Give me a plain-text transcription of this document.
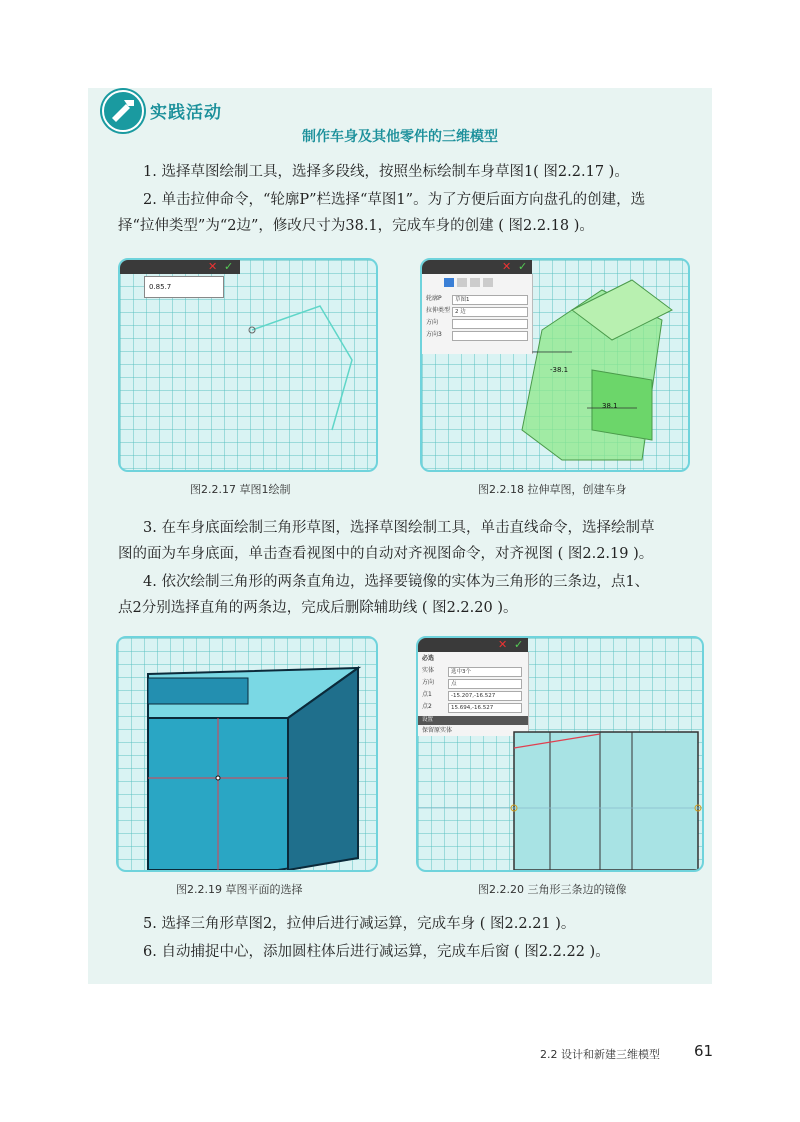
实践活动
制作车身及其他零件的三维模型
1. 选择草图绘制工具，选择多段线，按照坐标绘制车身草图1( 图2.2.17 )。
2. 单击拉伸命令，“轮廓P”栏选择“草图1”。为了方便后面方向盘孔的创建，选
择“拉伸类型”为“2边”，修改尺寸为38.1，完成车身的创建 ( 图2.2.18 )。
✕ ✓
0.85.7
图2.2.17 草图1绘制
✕ ✓
轮廓P	草图1
拉伸类型 2 边
方向
方向3
-38.1
38.1
图2.2.18 拉伸草图，创建车身
3. 在车身底面绘制三角形草图，选择草图绘制工具，单击直线命令，选择绘制草
图的面为车身底面，单击查看视图中的自动对齐视图命令，对齐视图 ( 图2.2.19 )。
4. 依次绘制三角形的两条直角边，选择要镜像的实体为三角形的三条边，点1、
点2分别选择直角的两条边，完成后删除辅助线 ( 图2.2.20 )。
图2.2.19 草图平面的选择
✕ ✓
必选
实体	选中3个
方向	点
点1	-15.207,-16.527
点2	15.694,-16.527
设置
保留原实体
图2.2.20 三角形三条边的镜像
5. 选择三角形草图2，拉伸后进行减运算，完成车身 ( 图2.2.21 )。
6. 自动捕捉中心，添加圆柱体后进行减运算，完成车后窗 ( 图2.2.22 )。
2.2 设计和新建三维模型 61
